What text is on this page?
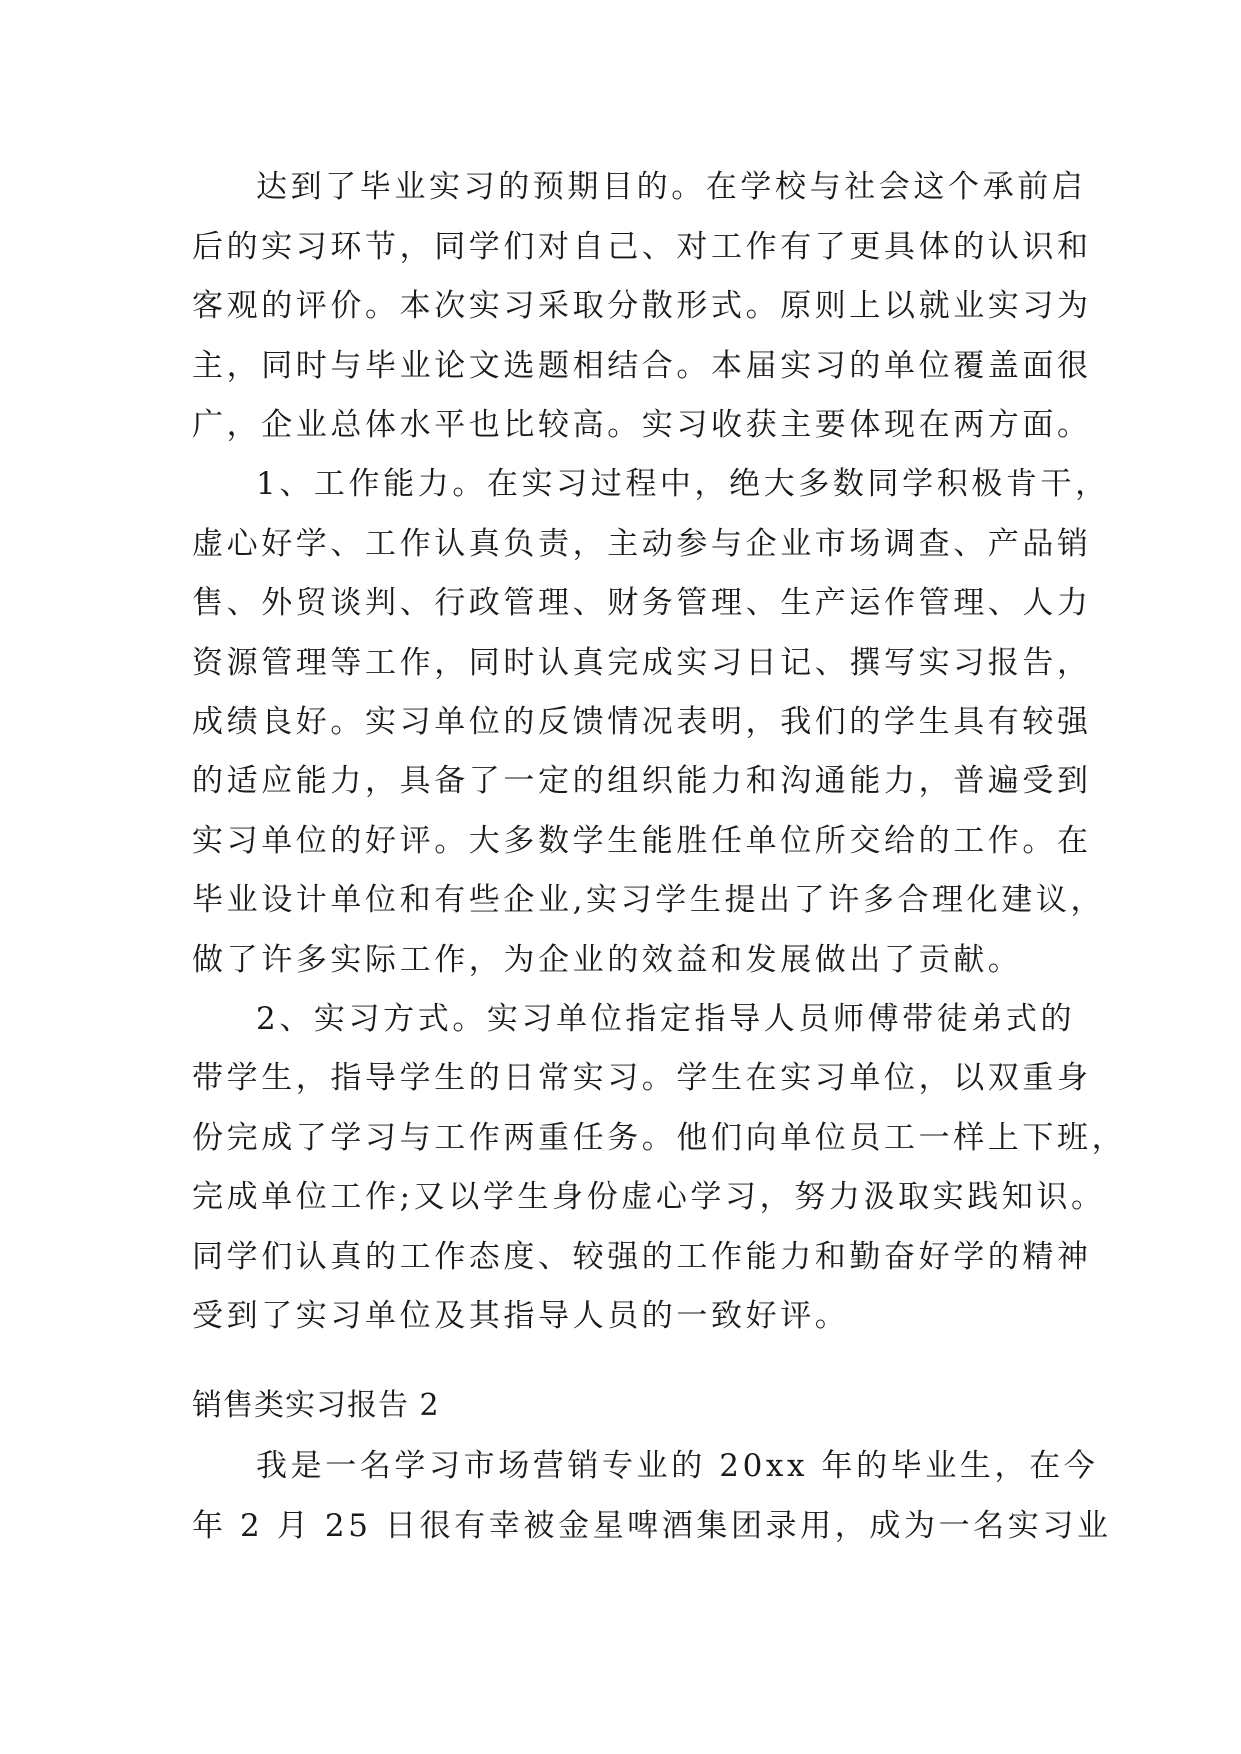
达到了毕业实习的预期目的。在学校与社会这个承前启
后的实习环节，同学们对自己、对工作有了更具体的认识和
客观的评价。本次实习采取分散形式。原则上以就业实习为
主，同时与毕业论文选题相结合。本届实习的单位覆盖面很
广，企业总体水平也比较高。实习收获主要体现在两方面。
1、工作能力。在实习过程中，绝大多数同学积极肯干，
虚心好学、工作认真负责，主动参与企业市场调查、产品销
售、外贸谈判、行政管理、财务管理、生产运作管理、人力
资源管理等工作，同时认真完成实习日记、撰写实习报告，
成绩良好。实习单位的反馈情况表明，我们的学生具有较强
的适应能力，具备了一定的组织能力和沟通能力，普遍受到
实习单位的好评。大多数学生能胜任单位所交给的工作。在
毕业设计单位和有些企业,实习学生提出了许多合理化建议，
做了许多实际工作，为企业的效益和发展做出了贡献。
2、实习方式。实习单位指定指导人员师傅带徒弟式的
带学生，指导学生的日常实习。学生在实习单位，以双重身
份完成了学习与工作两重任务。他们向单位员工一样上下班，
完成单位工作;又以学生身份虚心学习，努力汲取实践知识。
同学们认真的工作态度、较强的工作能力和勤奋好学的精神
受到了实习单位及其指导人员的一致好评。
销售类实习报告 2
我是一名学习市场营销专业的 20xx 年的毕业生，在今
年 2 月 25 日很有幸被金星啤酒集团录用，成为一名实习业
